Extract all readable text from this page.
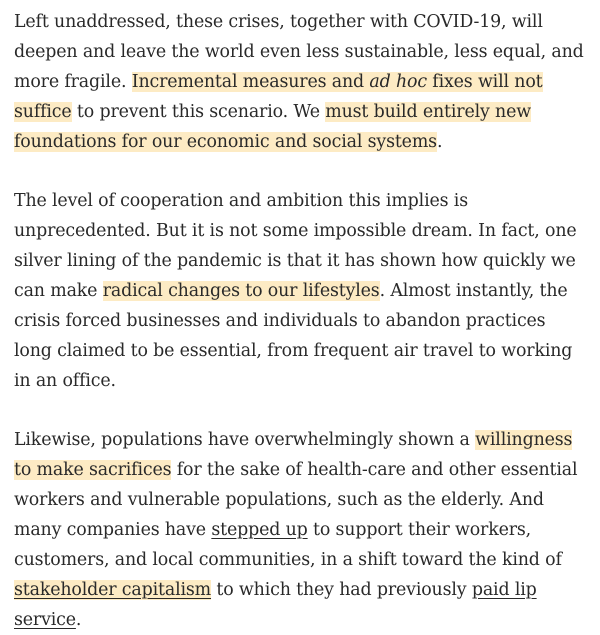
Left unaddressed, these crises, together with COVID-19, will deepen and leave the world even less sustainable, less equal, and more fragile. Incremental measures and ad hoc fixes will not suffice to prevent this scenario. We must build entirely new foundations for our economic and social systems.

The level of cooperation and ambition this implies is unprecedented. But it is not some impossible dream. In fact, one silver lining of the pandemic is that it has shown how quickly we can make radical changes to our lifestyles. Almost instantly, the crisis forced businesses and individuals to abandon practices long claimed to be essential, from frequent air travel to working in an office.

Likewise, populations have overwhelmingly shown a willingness to make sacrifices for the sake of health-care and other essential workers and vulnerable populations, such as the elderly. And many companies have stepped up to support their workers, customers, and local communities, in a shift toward the kind of stakeholder capitalism to which they had previously paid lip service.
